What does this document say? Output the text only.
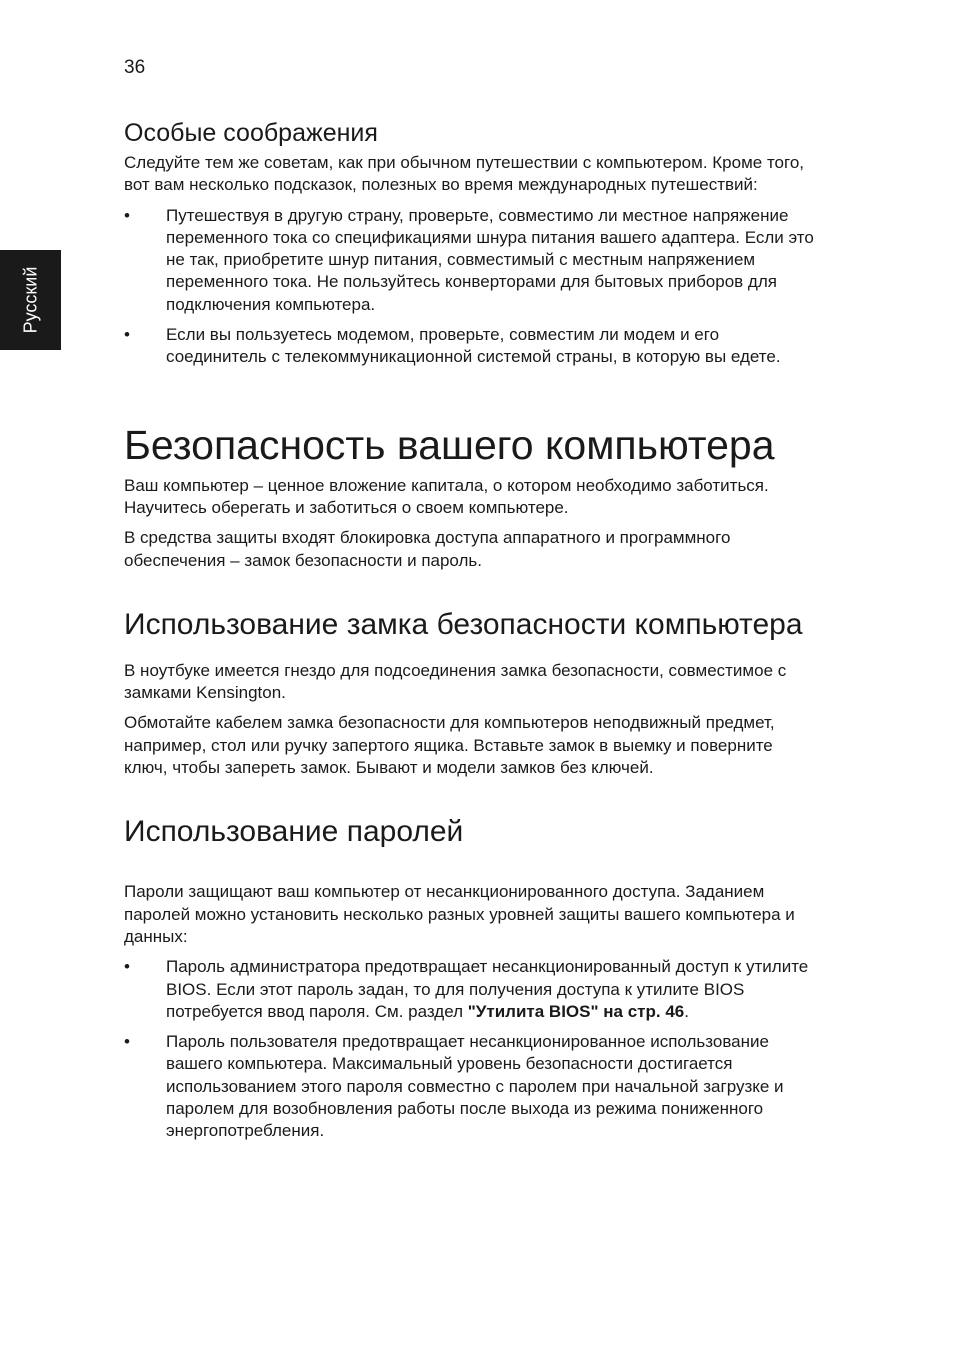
36
Русский
Особые соображения

Следуйте тем же советам, как при обычном путешествии с компьютером. Кроме того, вот вам несколько подсказок, полезных во время международных путешествий:

• Путешествуя в другую страну, проверьте, совместимо ли местное напряжение переменного тока со спецификациями шнура питания вашего адаптера. Если это не так, приобретите шнур питания, совместимый с местным напряжением переменного тока. Не пользуйтесь конверторами для бытовых приборов для подключения компьютера.
• Если вы пользуетесь модемом, проверьте, совместим ли модем и его соединитель с телекоммуникационной системой страны, в которую вы едете.
Безопасность вашего компьютера

Ваш компьютер – ценное вложение капитала, о котором необходимо заботиться. Научитесь оберегать и заботиться о своем компьютере.

В средства защиты входят блокировка доступа аппаратного и программного обеспечения – замок безопасности и пароль.

Использование замка безопасности компьютера

В ноутбуке имеется гнездо для подсоединения замка безопасности, совместимое с замками Kensington.

Обмотайте кабелем замка безопасности для компьютеров неподвижный предмет, например, стол или ручку запертого ящика. Вставьте замок в выемку и поверните ключ, чтобы запереть замок. Бывают и модели замков без ключей.

Использование паролей

Пароли защищают ваш компьютер от несанкционированного доступа. Заданием паролей можно установить несколько разных уровней защиты вашего компьютера и данных:

• Пароль администратора предотвращает несанкционированный доступ к утилите BIOS. Если этот пароль задан, то для получения доступа к утилите BIOS потребуется ввод пароля. См. раздел "Утилита BIOS" на стр. 46.
• Пароль пользователя предотвращает несанкционированное использование вашего компьютера. Максимальный уровень безопасности достигается использованием этого пароля совместно с паролем при начальной загрузке и паролем для возобновления работы после выхода из режима пониженного энергопотребления.
